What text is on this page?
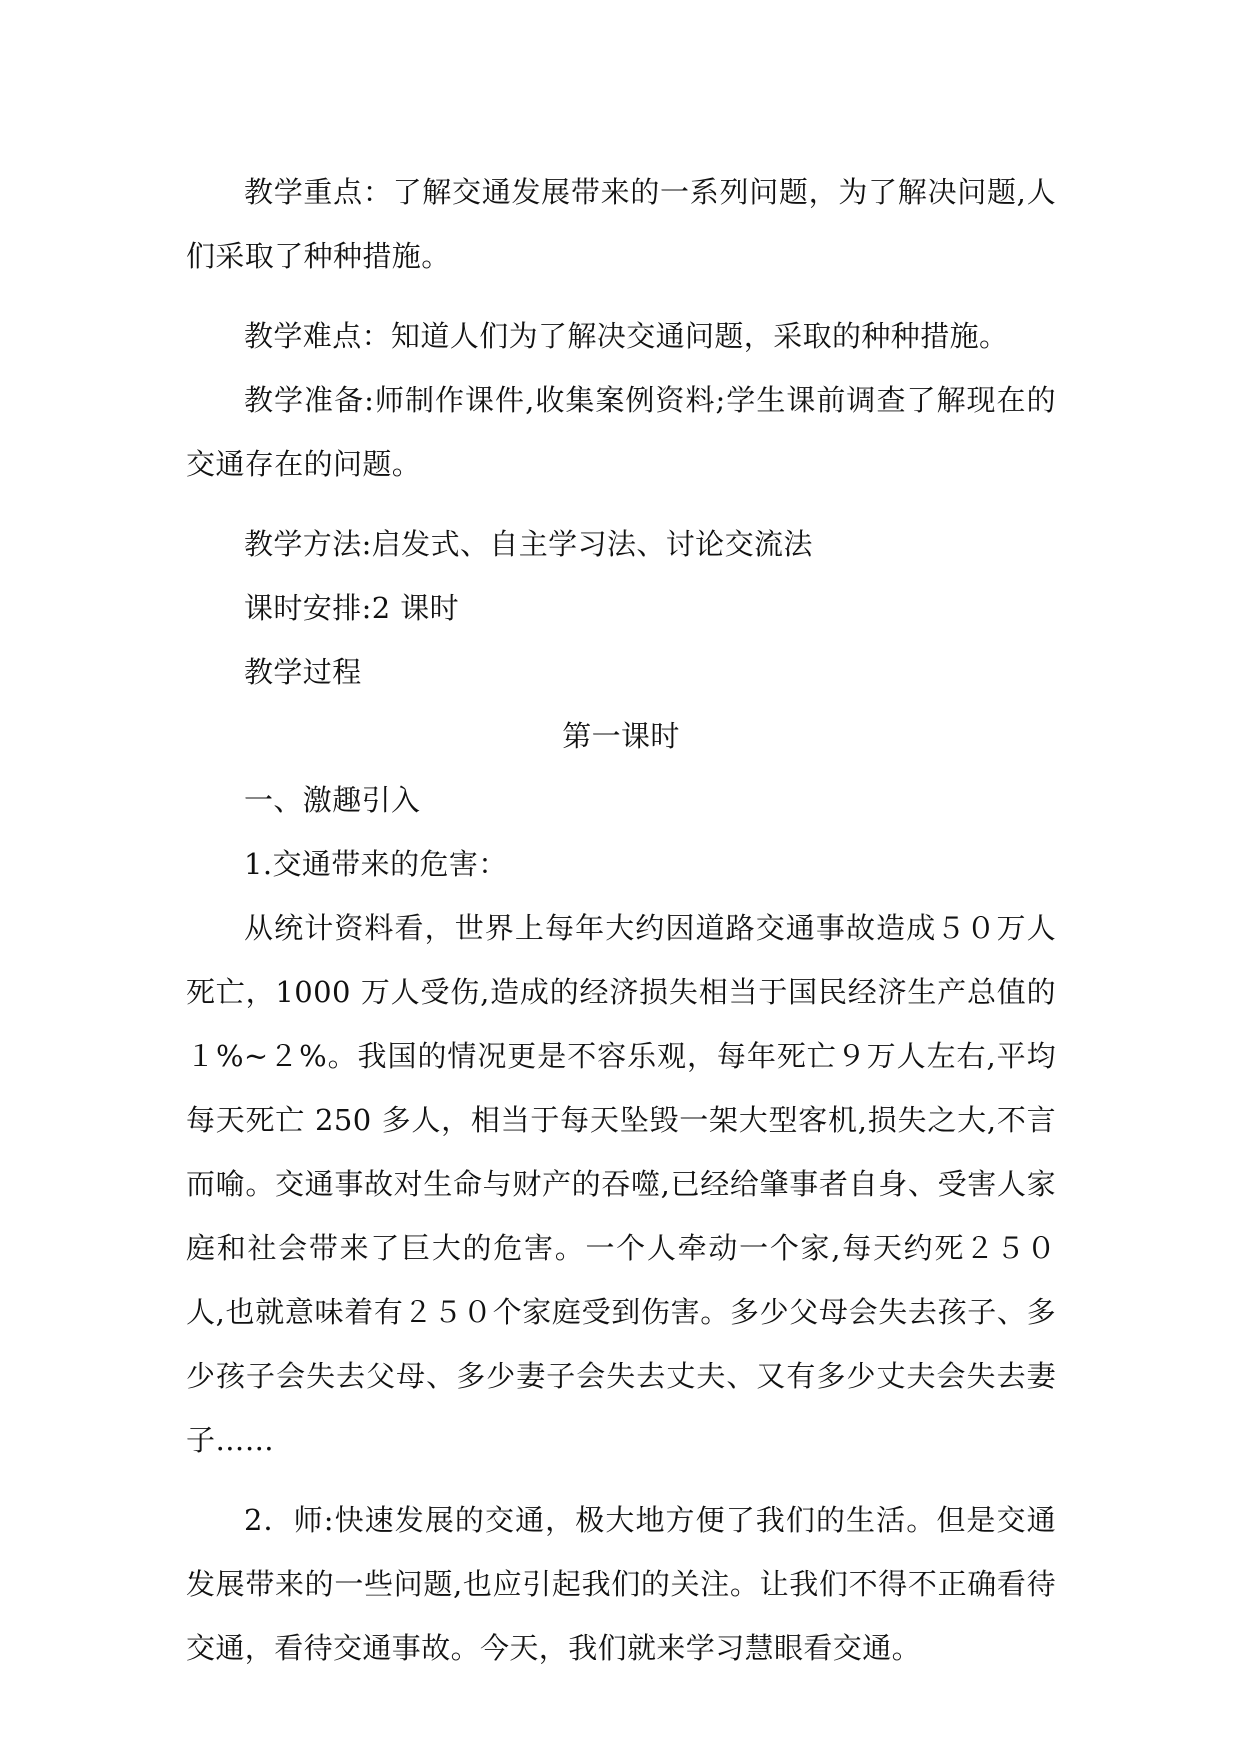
教学重点：了解交通发展带来的一系列问题，为了解决问题,人们采取了种种措施。

教学难点：知道人们为了解决交通问题，采取的种种措施。

教学准备:师制作课件,收集案例资料;学生课前调查了解现在的交通存在的问题。

教学方法:启发式、自主学习法、讨论交流法

课时安排:2 课时

教学过程

第一课时

一、激趣引入

1.交通带来的危害：

从统计资料看，世界上每年大约因道路交通事故造成５０万人死亡，1000 万人受伤,造成的经济损失相当于国民经济生产总值的１%~２%。我国的情况更是不容乐观，每年死亡９万人左右,平均每天死亡 250 多人，相当于每天坠毁一架大型客机,损失之大,不言而喻。交通事故对生命与财产的吞噬,已经给肇事者自身、受害人家庭和社会带来了巨大的危害。一个人牵动一个家,每天约死２５０人,也就意味着有２５０个家庭受到伤害。多少父母会失去孩子、多少孩子会失去父母、多少妻子会失去丈夫、又有多少丈夫会失去妻子……

2．师:快速发展的交通，极大地方便了我们的生活。但是交通发展带来的一些问题,也应引起我们的关注。让我们不得不正确看待交通，看待交通事故。今天，我们就来学习慧眼看交通。
